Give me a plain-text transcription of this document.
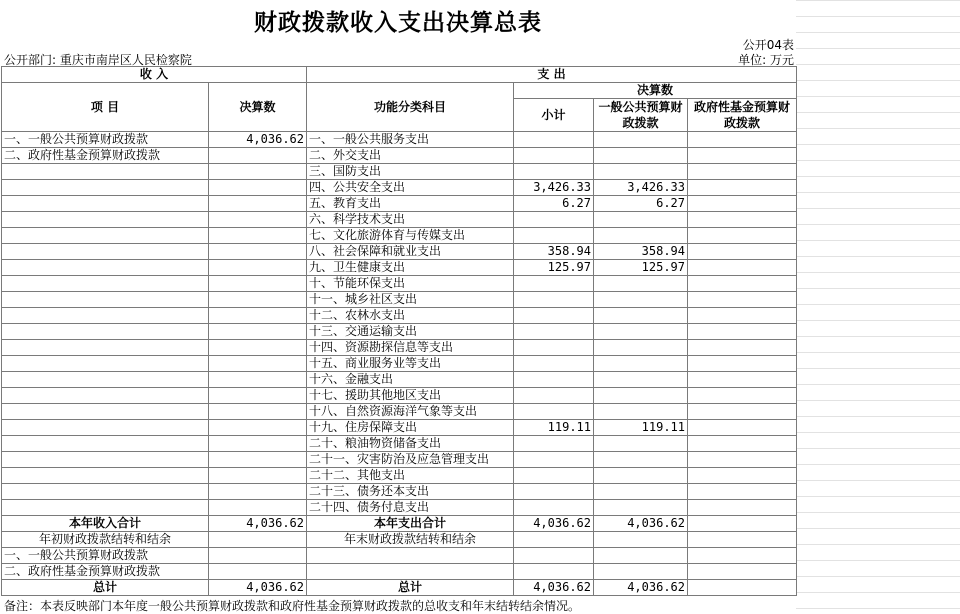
财政拨款收入支出决算总表
公开04表
公开部门: 重庆市南岸区人民检察院	单位: 万元
收 入		支 出			
项 目	决算数	功能分类科目	决算数		
			小计	一般公共预算财政拨款	政府性基金预算财政拨款

一、一般公共预算财政拨款	4,036.62	一、一般公共服务支出			
二、政府性基金预算财政拨款		二、外交支出			
		三、国防支出			
		四、公共安全支出	3,426.33	3,426.33	
		五、教育支出	6.27	6.27	
		六、科学技术支出			
		七、文化旅游体育与传媒支出			
		八、社会保障和就业支出	358.94	358.94	
		九、卫生健康支出	125.97	125.97	
		十、节能环保支出			
		十一、城乡社区支出			
		十二、农林水支出			
		十三、交通运输支出			
		十四、资源勘探信息等支出			
		十五、商业服务业等支出			
		十六、金融支出			
		十七、援助其他地区支出			
		十八、自然资源海洋气象等支出			
		十九、住房保障支出	119.11	119.11	
		二十、粮油物资储备支出			
		二十一、灾害防治及应急管理支出			
		二十二、其他支出			
		二十三、债务还本支出			
		二十四、债务付息支出			
本年收入合计	4,036.62	本年支出合计	4,036.62	4,036.62	
年初财政拨款结转和结余		年末财政拨款结转和结余			
一、一般公共预算财政拨款					
二、政府性基金预算财政拨款					
总计	4,036.62	总计	4,036.62	4,036.62	
备注：本表反映部门本年度一般公共预算财政拨款和政府性基金预算财政拨款的总收支和年末结转结余情况。
